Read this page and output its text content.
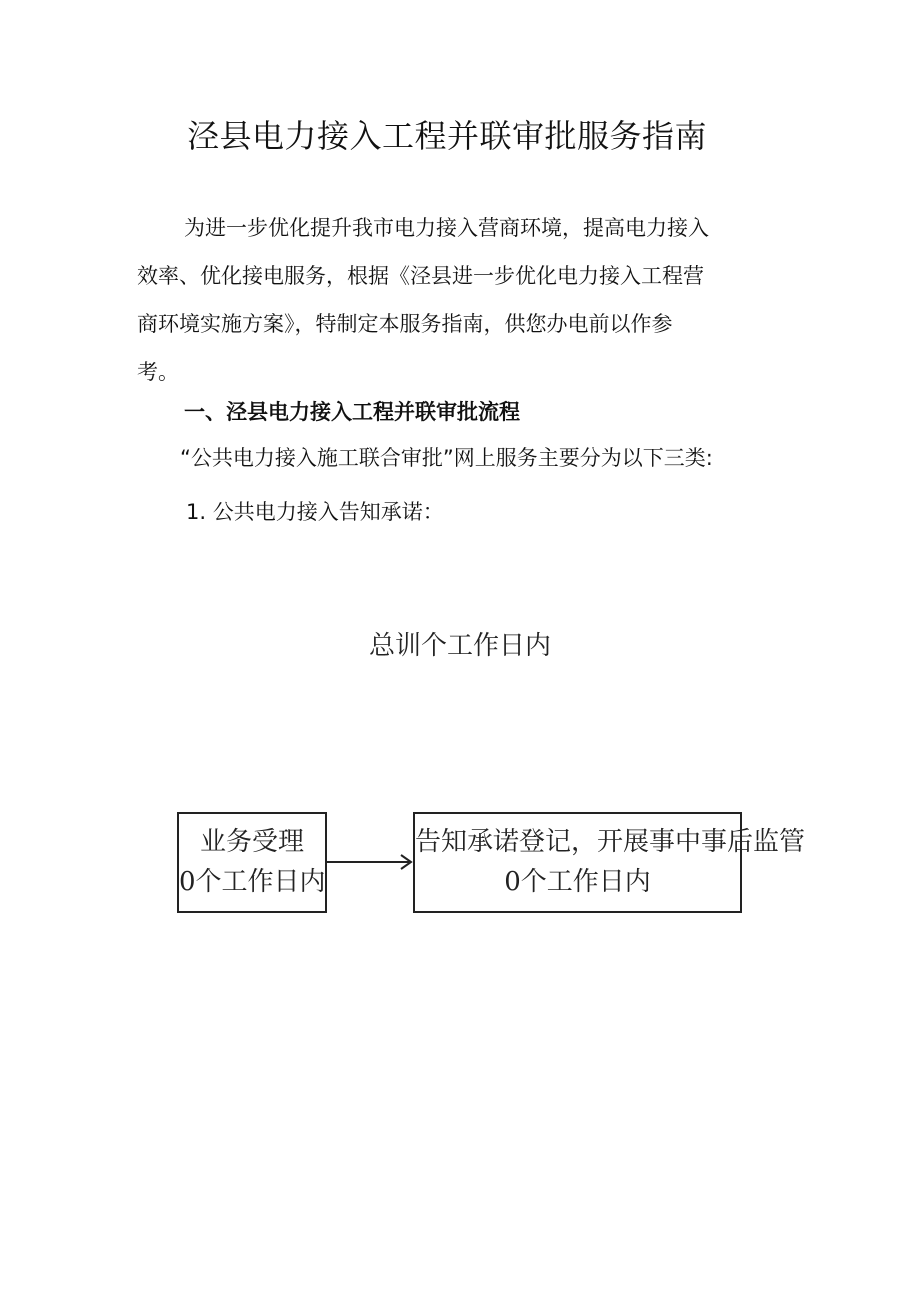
泾县电力接入工程并联审批服务指南

为进一步优化提升我市电力接入营商环境，提高电力接入
效率、优化接电服务，根据《泾县进一步优化电力接入工程营
商环境实施方案》，特制定本服务指南，供您办电前以作参
考。

一、泾县电力接入工程并联审批流程
“公共电力接入施工联合审批”网上服务主要分为以下三类:
1. 公共电力接入告知承诺：
总训个工作日内
业务受理
0个工作日内
告知承诺登记，开展事中事后监管
0个工作日内
